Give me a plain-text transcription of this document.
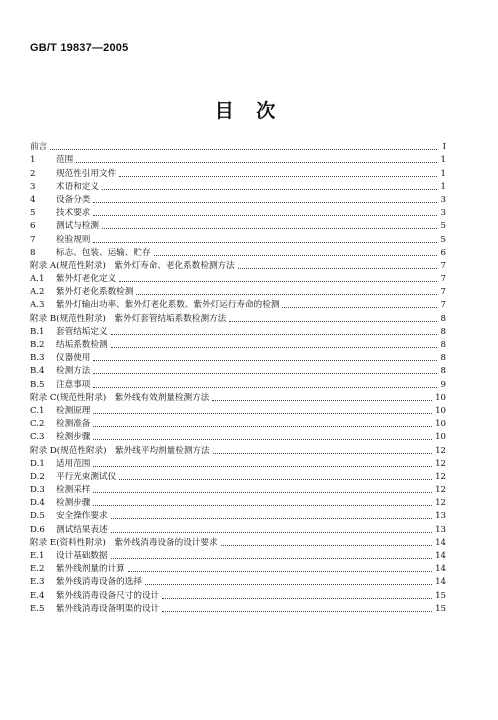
GB/T 19837—2005
目 次
前言	Ⅰ
1	范围	1
2	规范性引用文件	1
3	术语和定义	1
4	设备分类	3
5	技术要求	3
6	测试与检测	5
7	检验规则	5
8	标志、包装、运输、贮存	6
附录 A(规范性附录)　紫外灯寿命、老化系数检测方法	7
A.1	紫外灯老化定义	7
A.2	紫外灯老化系数检测	7
A.3	紫外灯输出功率、紫外灯老化系数、紫外灯运行寿命的检测	7
附录 B(规范性附录)　紫外灯套管结垢系数检测方法	8
B.1	套管结垢定义	8
B.2	结垢系数检测	8
B.3	仪器使用	8
B.4	检测方法	8
B.5	注意事项	9
附录 C(规范性附录)　紫外线有效剂量检测方法	10
C.1	检测原理	10
C.2	检测准备	10
C.3	检测步骤	10
附录 D(规范性附录)　紫外线平均剂量检测方法	12
D.1	适用范围	12
D.2	平行光束测试仪	12
D.3	检测采样	12
D.4	检测步骤	12
D.5	安全操作要求	13
D.6	测试结果表述	13
附录 E(资料性附录)　紫外线消毒设备的设计要求	14
E.1	设计基础数据	14
E.2	紫外线剂量的计算	14
E.3	紫外线消毒设备的选择	14
E.4	紫外线消毒设备尺寸的设计	15
E.5	紫外线消毒设备明渠的设计	15
